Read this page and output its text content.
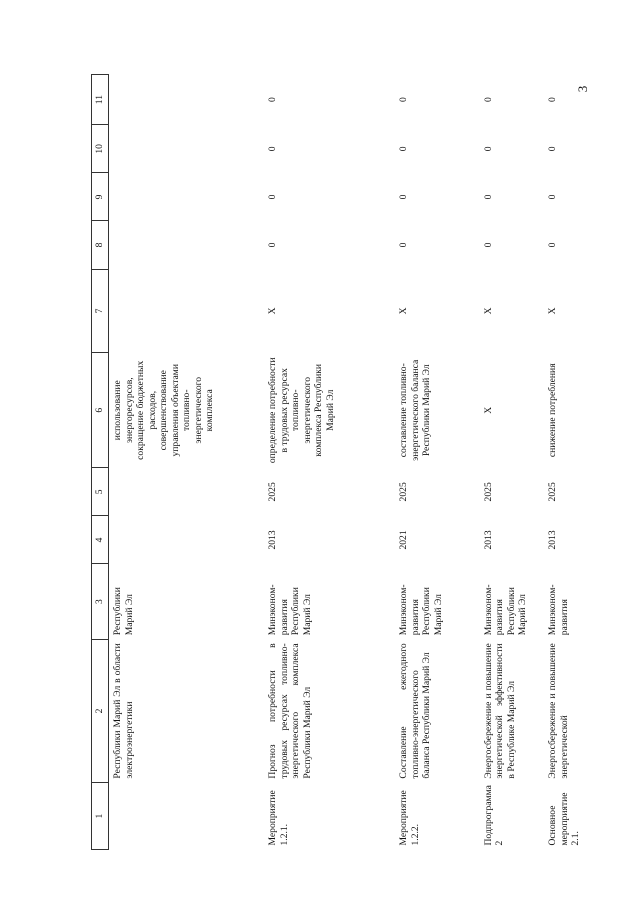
3
1	2	3	4	5	6	7	8	9	10	11
	Республики Марий Эл в области электроэнергетики	Республики Марий Эл			использование энергоресурсов, сокращение бюджетных расходов, совершенствование управления объектами топливно-энергетического комплекса					
Мероприятие 1.2.1.	Прогноз потребности в трудовых ресурсах топливно-энергетического комплекса Республики Марий Эл	Минэконом-развития Республики Марий Эл	2013	2025	определение потребности в трудовых ресурсах топливно-энергетического комплекса Республики Марий Эл	Х	0	0	0	0
Мероприятие 1.2.2.	Составление ежегодного топливно-энергетического баланса Республики Марий Эл	Минэконом-развития Республики Марий Эл	2021	2025	составление топливно-энергетического баланса Республики Марий Эл	Х	0	0	0	0
Подпрограмма 2	Энергосбережение и повышение энергетической эффективности в Республике Марий Эл	Минэконом-развития Республики Марий Эл	2013	2025	Х	Х	0	0	0	0
Основное мероприятие 2.1.	Энергосбережение и повышение энергетической	Минэконом-развития	2013	2025	снижение потребления	Х	0	0	0	0
